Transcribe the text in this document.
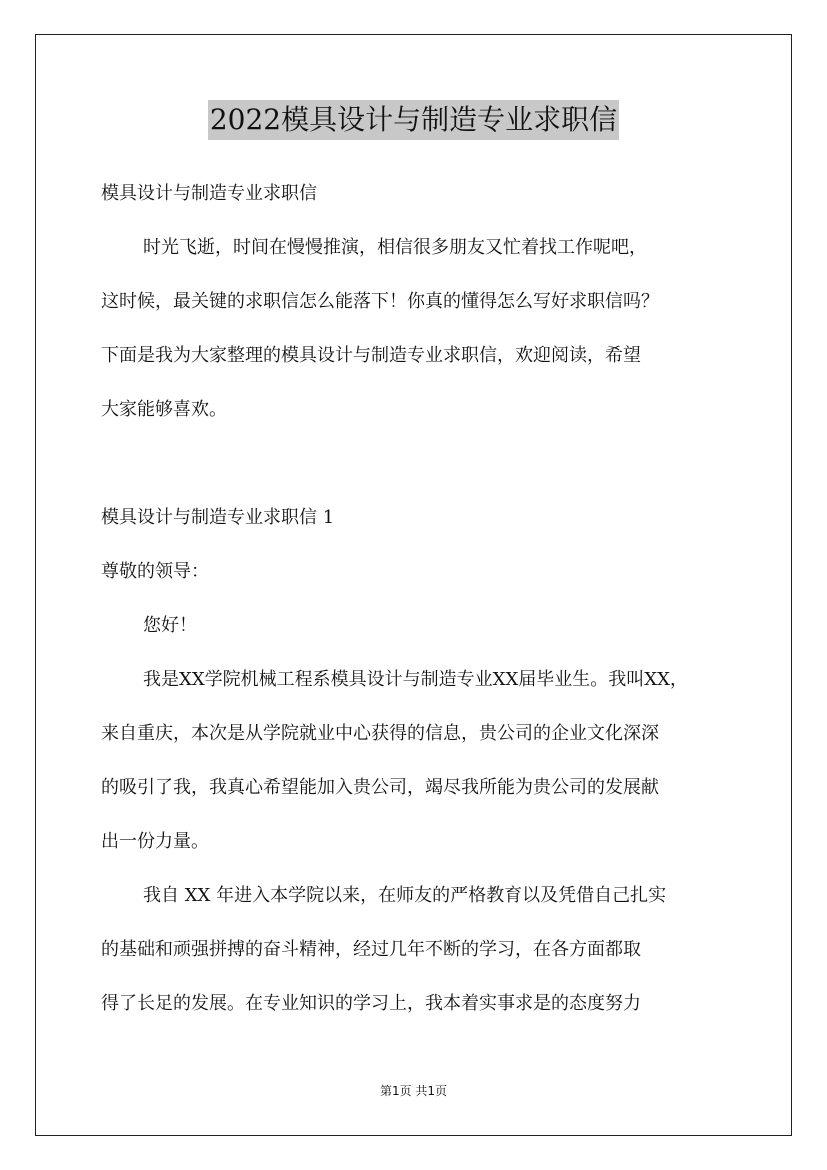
2022模具设计与制造专业求职信
模具设计与制造专业求职信
时光飞逝，时间在慢慢推演，相信很多朋友又忙着找工作呢吧，
这时候，最关键的求职信怎么能落下！你真的懂得怎么写好求职信吗？
下面是我为大家整理的模具设计与制造专业求职信，欢迎阅读，希望
大家能够喜欢。
模具设计与制造专业求职信 1
尊敬的领导：
您好！
我是XX学院机械工程系模具设计与制造专业XX届毕业生。我叫XX，
来自重庆，本次是从学院就业中心获得的信息，贵公司的企业文化深深
的吸引了我，我真心希望能加入贵公司，竭尽我所能为贵公司的发展献
出一份力量。
我自 XX 年进入本学院以来，在师友的严格教育以及凭借自己扎实
的基础和顽强拼搏的奋斗精神，经过几年不断的学习，在各方面都取
得了长足的发展。在专业知识的学习上，我本着实事求是的态度努力
第1页 共1页
